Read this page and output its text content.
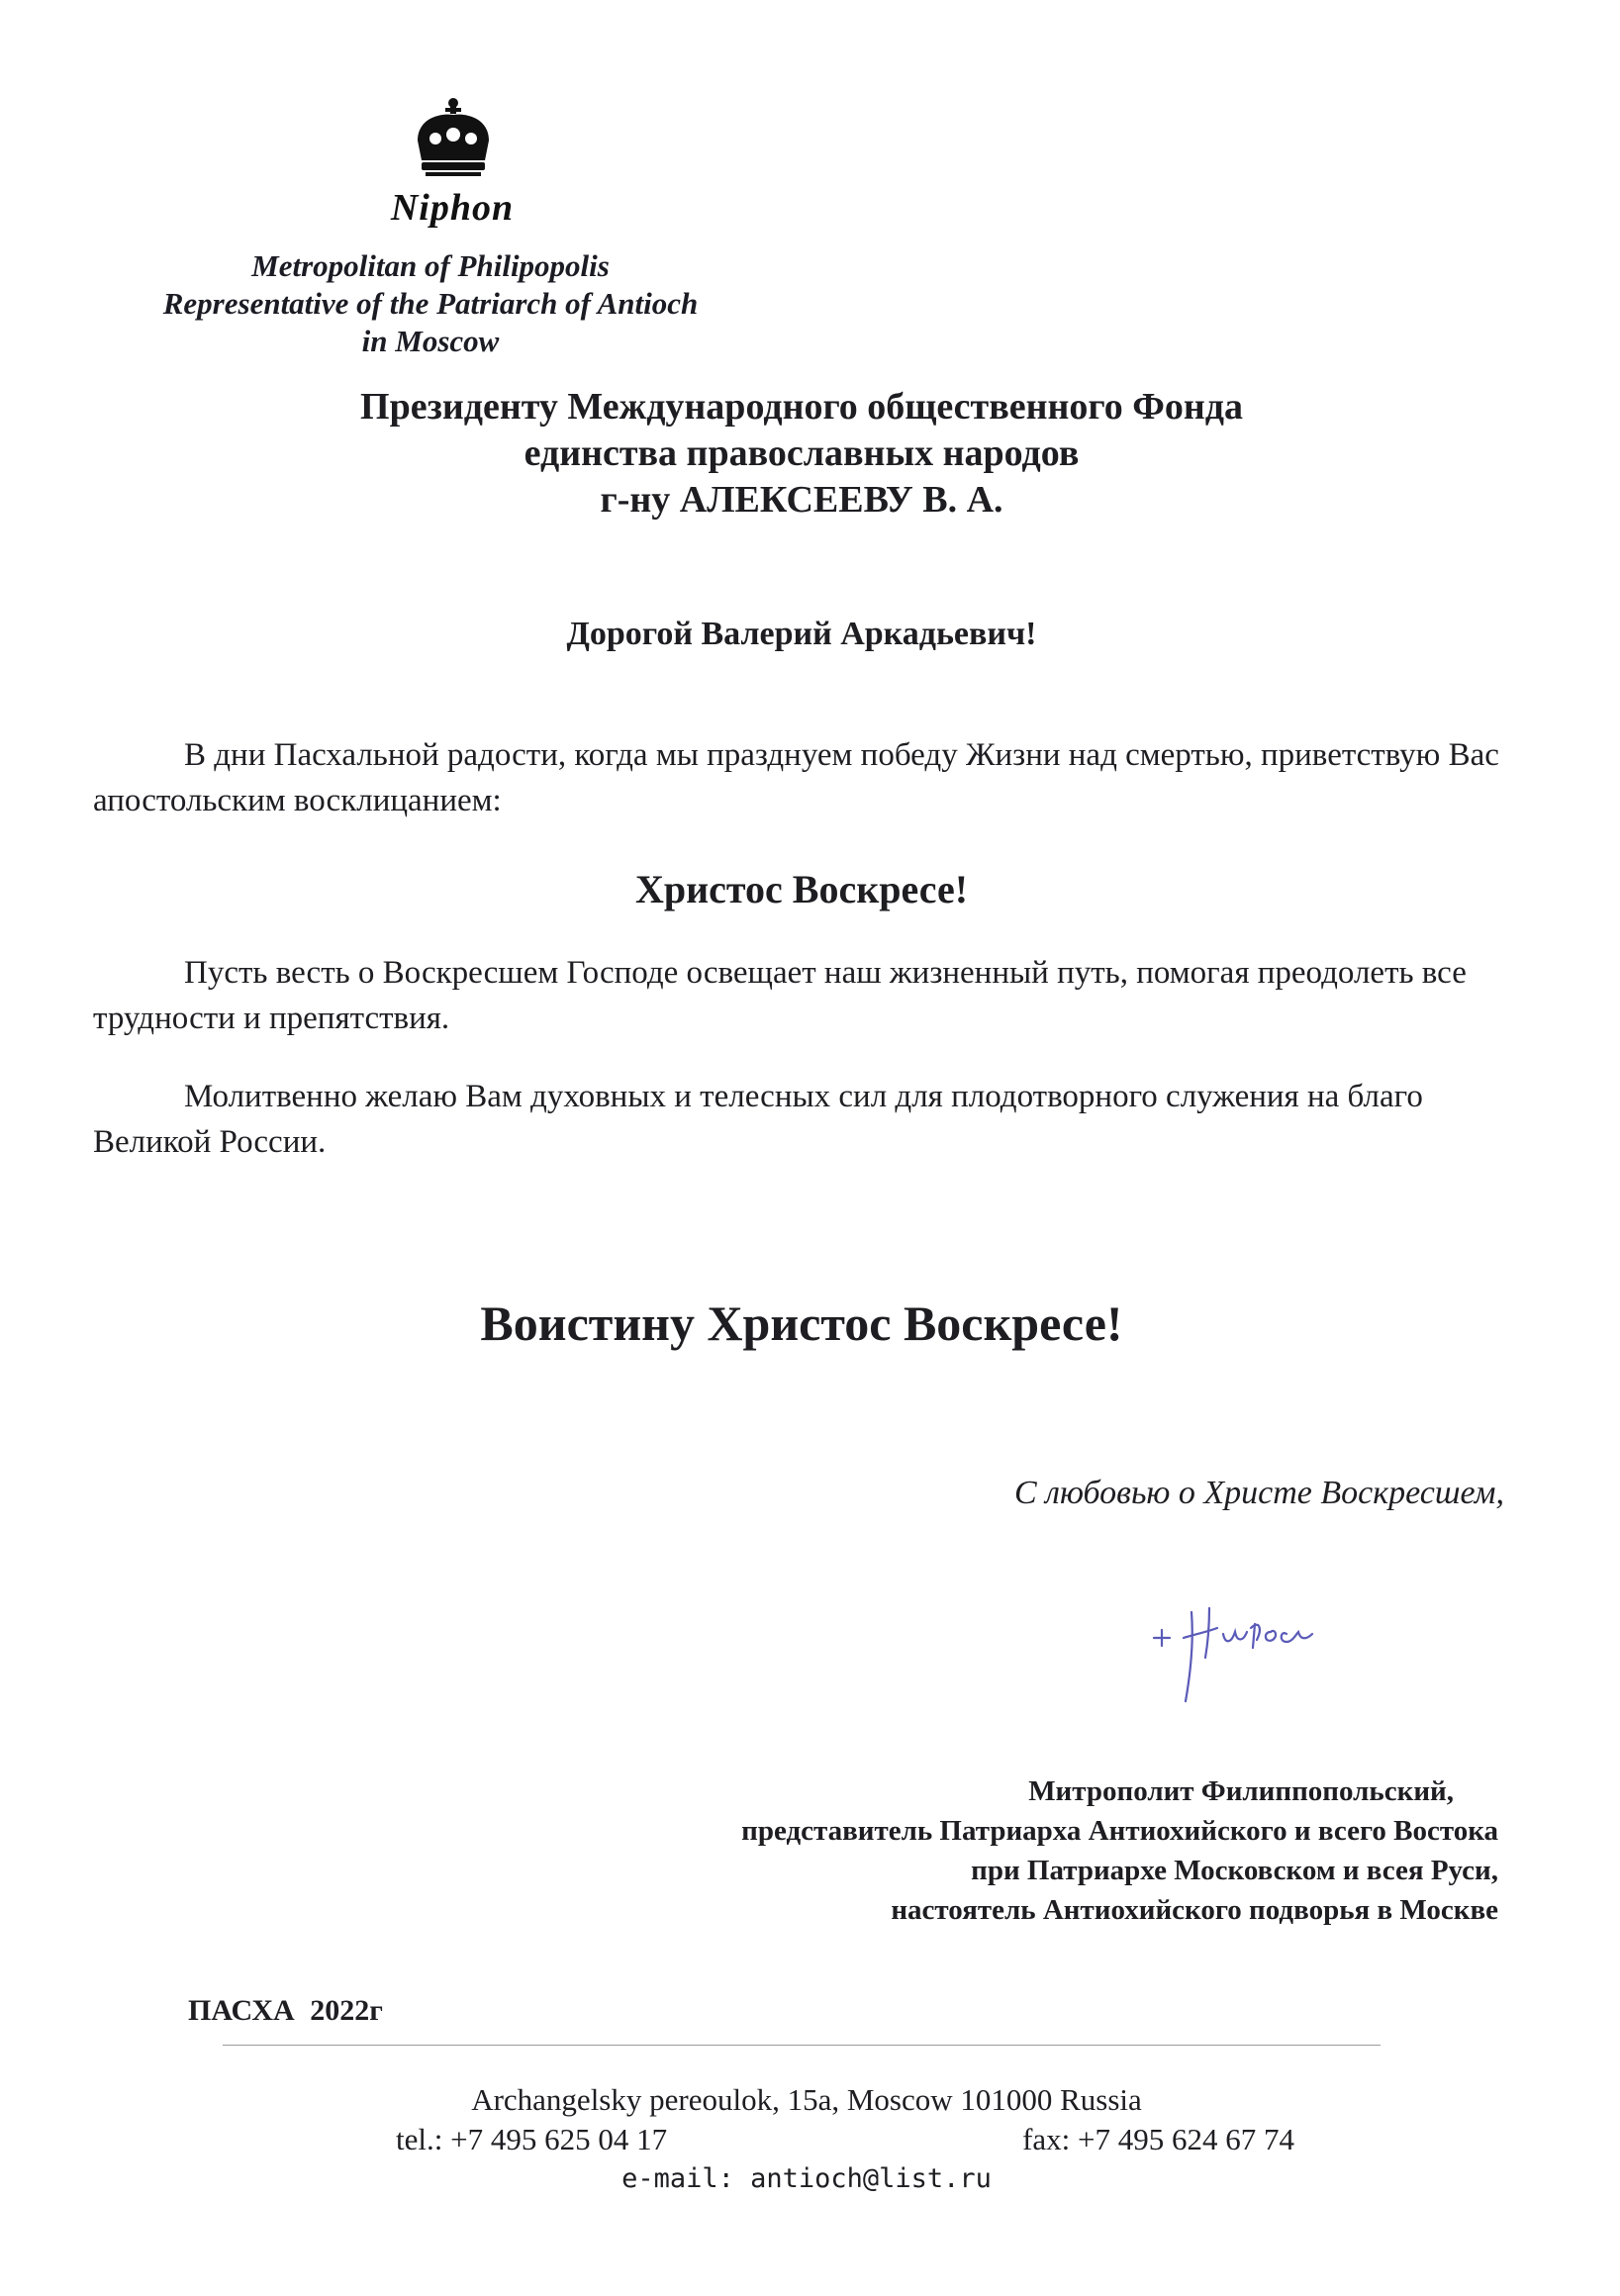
Niphon
Metropolitan of Philipopolis
Representative of the Patriarch of Antioch
in Moscow
Президенту Международного общественного Фонда
единства православных народов
г-ну АЛЕКСЕЕВУ В. А.
Дорогой Валерий Аркадьевич!
В дни Пасхальной радости, когда мы празднуем победу Жизни над смертью, приветствую Вас апостольским восклицанием:
Христос Воскресе!
Пусть весть о Воскресшем Господе освещает наш жизненный путь, помогая преодолеть все трудности и препятствия.
Молитвенно желаю Вам духовных и телесных сил для плодотворного служения на благо Великой России.
Воистину Христос Воскресе!
С любовью о Христе Воскресшем,
Митрополит Филиппопольский,
представитель Патриарха Антиохийского и всего Востока
при Патриархе Московском и всея Руси,
настоятель Антиохийского подворья в Москве
ПАСХА 2022г
Archangelsky pereoulok, 15a, Moscow 101000 Russia
tel.: +7 495 625 04 17	fax: +7 495 624 67 74
e-mail: antioch@list.ru
